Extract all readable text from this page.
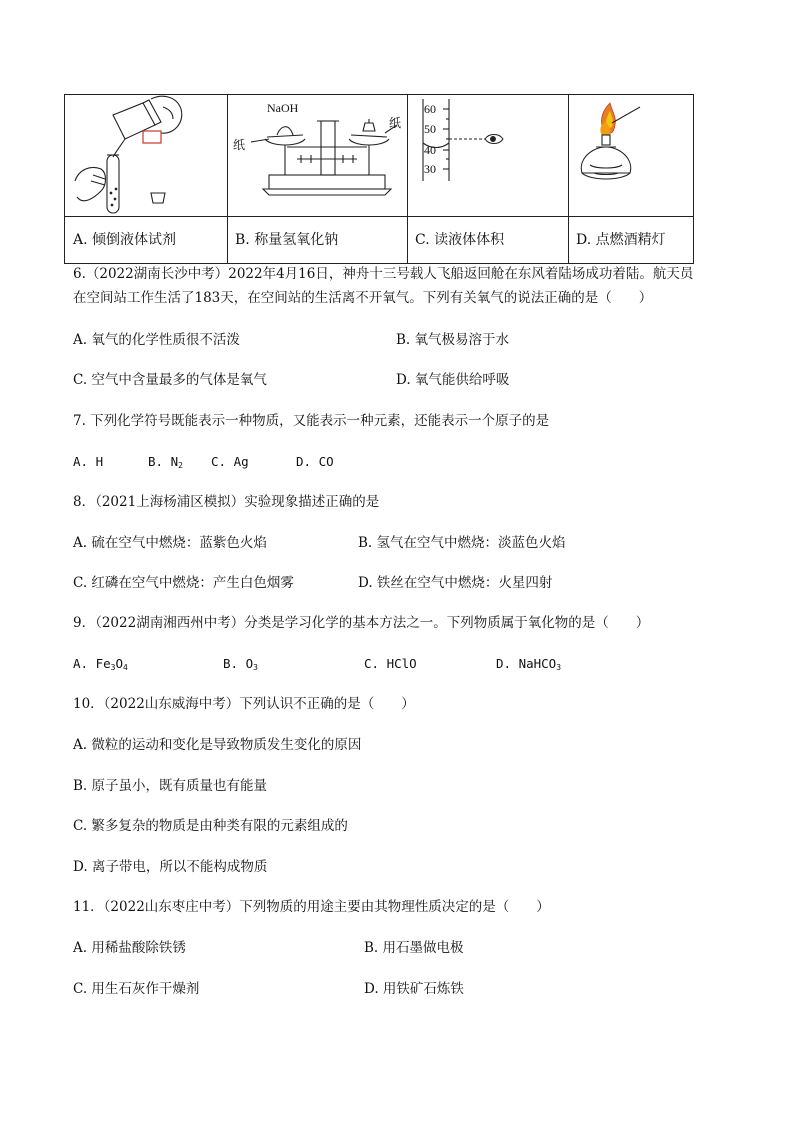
NaOH
纸
纸
60
50
40
30
A. 倾倒液体试剂	B. 称量氢氧化钠	C. 读液体体积	D. 点燃酒精灯
6.（2022湖南长沙中考）2022年4月16日，神舟十三号载人飞船返回舱在东风着陆场成功着陆。航天员
在空间站工作生活了183天，在空间站的生活离不开氧气。下列有关氧气的说法正确的是（　　）
A. 氧气的化学性质很不活泼	B. 氧气极易溶于水
C. 空气中含量最多的气体是氧气	D. 氧气能供给呼吸
7. 下列化学符号既能表示一种物质，又能表示一种元素，还能表示一个原子的是
A. H	B. $N_2$ C. Ag	D. CO
8．（2021上海杨浦区模拟）实验现象描述正确的是
A. 硫在空气中燃烧：蓝紫色火焰	B. 氢气在空气中燃烧：淡蓝色火焰
C. 红磷在空气中燃烧：产生白色烟雾	D. 铁丝在空气中燃烧：火星四射
9．（2022湖南湘西州中考）分类是学习化学的基本方法之一。下列物质属于氧化物的是（　　）
A. $Fe_3O_4$	B. $O_3$	C. HClO	D. NaHCO$_3$
10．（2022山东威海中考）下列认识不正确的是（　　）
A. 微粒的运动和变化是导致物质发生变化的原因
B. 原子虽小，既有质量也有能量
C. 繁多复杂的物质是由种类有限的元素组成的
D. 离子带电，所以不能构成物质
11．（2022山东枣庄中考）下列物质的用途主要由其物理性质决定的是（　　）
A. 用稀盐酸除铁锈	B. 用石墨做电极
C. 用生石灰作干燥剂	D. 用铁矿石炼铁
